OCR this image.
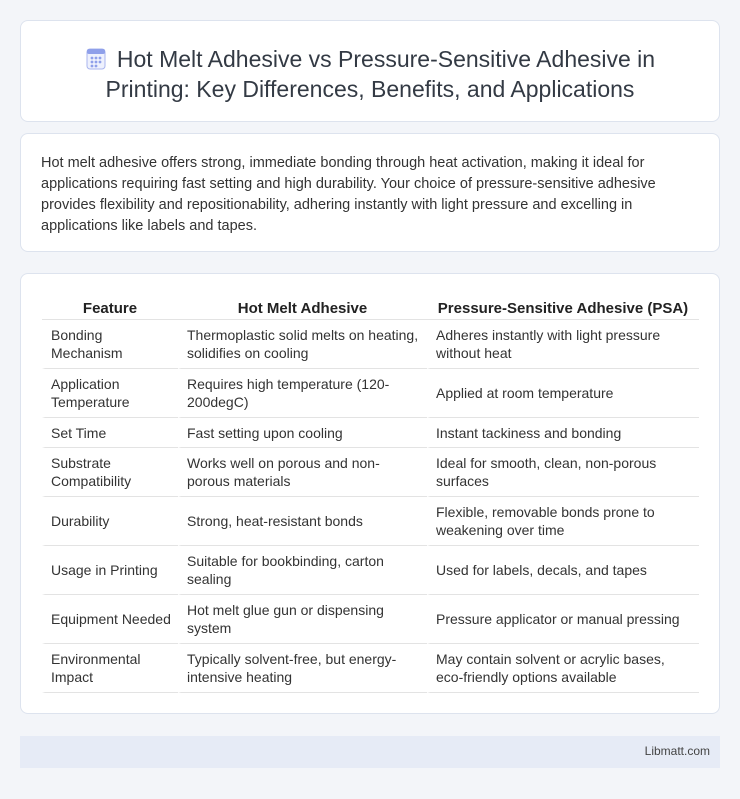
Hot Melt Adhesive vs Pressure-Sensitive Adhesive in Printing: Key Differences, Benefits, and Applications

Hot melt adhesive offers strong, immediate bonding through heat activation, making it ideal for applications requiring fast setting and high durability. Your choice of pressure-sensitive adhesive provides flexibility and repositionability, adhering instantly with light pressure and excelling in applications like labels and tapes.

Feature	Hot Melt Adhesive	Pressure-Sensitive Adhesive (PSA)
Bonding Mechanism	Thermoplastic solid melts on heating, solidifies on cooling	Adheres instantly with light pressure without heat
Application Temperature	Requires high temperature (120-200degC)	Applied at room temperature
Set Time	Fast setting upon cooling	Instant tackiness and bonding
Substrate Compatibility	Works well on porous and non-porous materials	Ideal for smooth, clean, non-porous surfaces
Durability	Strong, heat-resistant bonds	Flexible, removable bonds prone to weakening over time
Usage in Printing	Suitable for bookbinding, carton sealing	Used for labels, decals, and tapes
Equipment Needed	Hot melt glue gun or dispensing system	Pressure applicator or manual pressing
Environmental Impact	Typically solvent-free, but energy-intensive heating	May contain solvent or acrylic bases, eco-friendly options available
Libmatt.com
